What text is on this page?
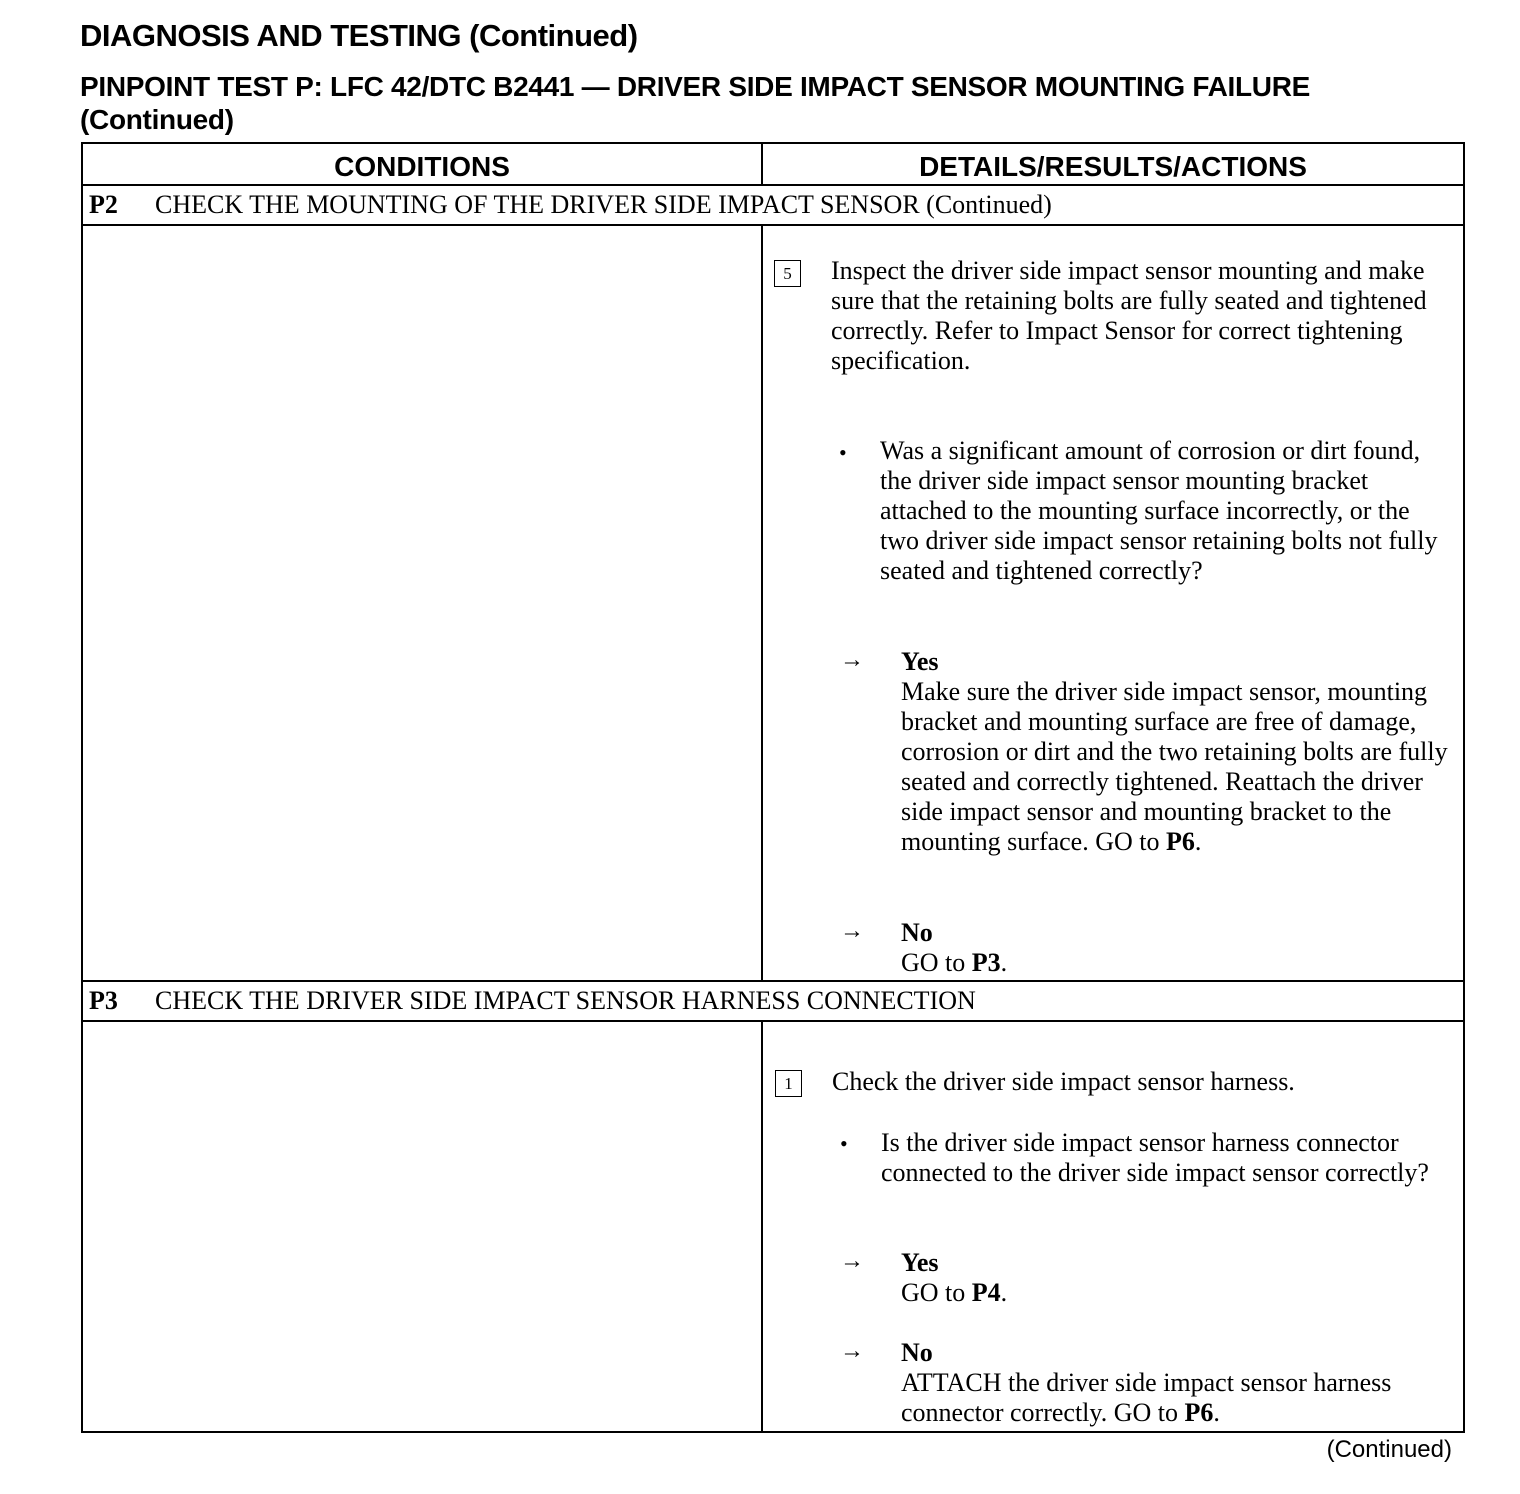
DIAGNOSIS AND TESTING (Continued)
PINPOINT TEST P: LFC 42/DTC B2441 — DRIVER SIDE IMPACT SENSOR MOUNTING FAILURE (Continued)
CONDITIONS	DETAILS/RESULTS/ACTIONS
P2 CHECK THE MOUNTING OF THE DRIVER SIDE IMPACT SENSOR (Continued)
5	Inspect the driver side impact sensor mounting and make sure that the retaining bolts are fully seated and tightened correctly. Refer to Impact Sensor for correct tightening specification.
• Was a significant amount of corrosion or dirt found, the driver side impact sensor mounting bracket attached to the mounting surface incorrectly, or the two driver side impact sensor retaining bolts not fully seated and tightened correctly?
→ Yes
Make sure the driver side impact sensor, mounting bracket and mounting surface are free of damage, corrosion or dirt and the two retaining bolts are fully seated and correctly tightened. Reattach the driver side impact sensor and mounting bracket to the mounting surface. GO to P6.
→ No
GO to P3.
P3 CHECK THE DRIVER SIDE IMPACT SENSOR HARNESS CONNECTION
1	Check the driver side impact sensor harness.
• Is the driver side impact sensor harness connector connected to the driver side impact sensor correctly?
→ Yes
GO to P4.
→ No
ATTACH the driver side impact sensor harness connector correctly. GO to P6.
(Continued)
